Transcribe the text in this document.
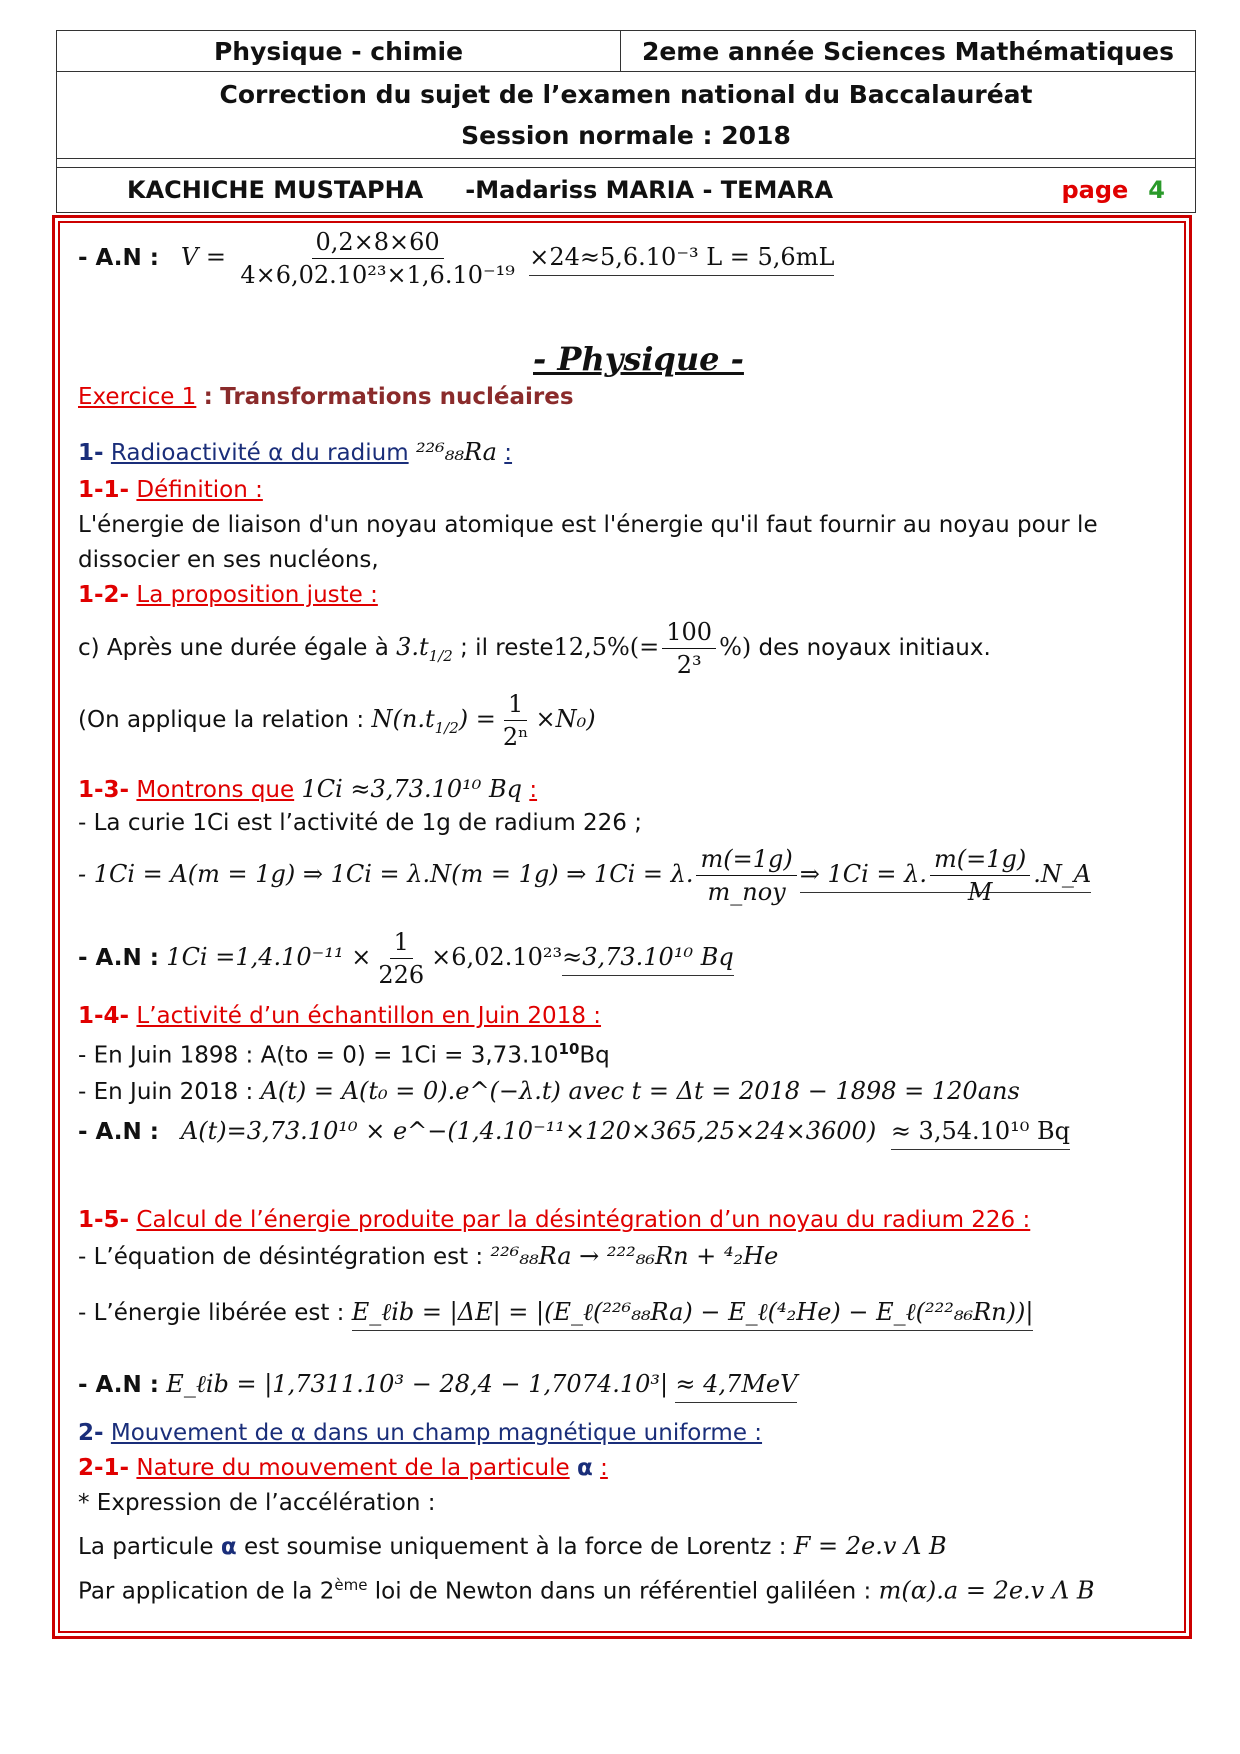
Physique - chimie	2eme année Sciences Mathématiques
Correction du sujet de l’examen national du Baccalauréat
Session normale : 2018
KACHICHE MUSTAPHA -Madariss MARIA - TEMARA	page 4
- A.N : $V = \frac{0,2\times 8\times 60}{\text{4×6,02.10²³×1,6.10⁻¹⁹}} \times 24\approx 5,6.10^{-3}$ L = 5,6mL
- Physique -
Exercice 1 : Transformations nucléaires
1- Radioactivité α du radium ²²⁶₈₈Ra :
1-1- Définition :
L'énergie de liaison d'un noyau atomique est l'énergie qu'il faut fournir au noyau pour le
dissocier en ses nucléons,
1-2- La proposition juste :
c) Après une durée égale à $3.t_{1/2}$ ; il reste12,5%(= $\frac{100}{\text{2³}}$ %) des noyaux initiaux.
(On applique la relation : $N(n.t_{1/2}) = \frac{1}{\text{2ⁿ}} \times N_0$)
1-3- Montrons que 1Ci ≈3,73.10¹⁰ Bq :
- La curie 1Ci est l’activité de 1g de radium 226 ;
- 1Ci = A(m = 1g) ⇒ 1Ci = λ.N(m = 1g) ⇒ 1Ci = λ. $\frac{m(=1g)}{\text{m\_noy}}$ ⇒ 1Ci = λ. $\frac{m(=1g)}{M}$ .N_A
- A.N : $1Ci =1,4.10^{-11} \times \frac{1}{226} \times 6,02.10^{23}\approx 3,73.10^{10}$ Bq
1-4- L’activité d’un échantillon en Juin 2018 :
- En Juin 1898 : $A(to = 0) = 1Ci = 3,73.10^{10}Bq$
- En Juin 2018 : A(t) = A(t₀ = 0).e^(−λ.t) avec t = Δt = 2018 − 1898 = 120ans
- A.N : A(t)=3,73.10¹⁰ × e^−(1,4.10⁻¹¹×120×365,25×24×3600) ≈ 3,54.10¹⁰ Bq
1-5- Calcul de l’énergie produite par la désintégration d’un noyau du radium 226 :
- L’équation de désintégration est : ²²⁶₈₈Ra → ²²²₈₆Rn + ⁴₂He
- L’énergie libérée est : E_ℓib = |ΔE| = |(E_ℓ(²²⁶₈₈Ra) − E_ℓ(⁴₂He) − E_ℓ(²²²₈₆Rn))|
- A.N : E_ℓib = |1,7311.10³ − 28,4 − 1,7074.10³| ≈ 4,7MeV
2- Mouvement de α dans un champ magnétique uniforme :
2-1- Nature du mouvement de la particule α :
* Expression de l’accélération :
La particule α est soumise uniquement à la force de Lorentz : F = 2e.v Λ B
Par application de la 2ème loi de Newton dans un référentiel galiléen : m(α).a = 2e.v Λ B
